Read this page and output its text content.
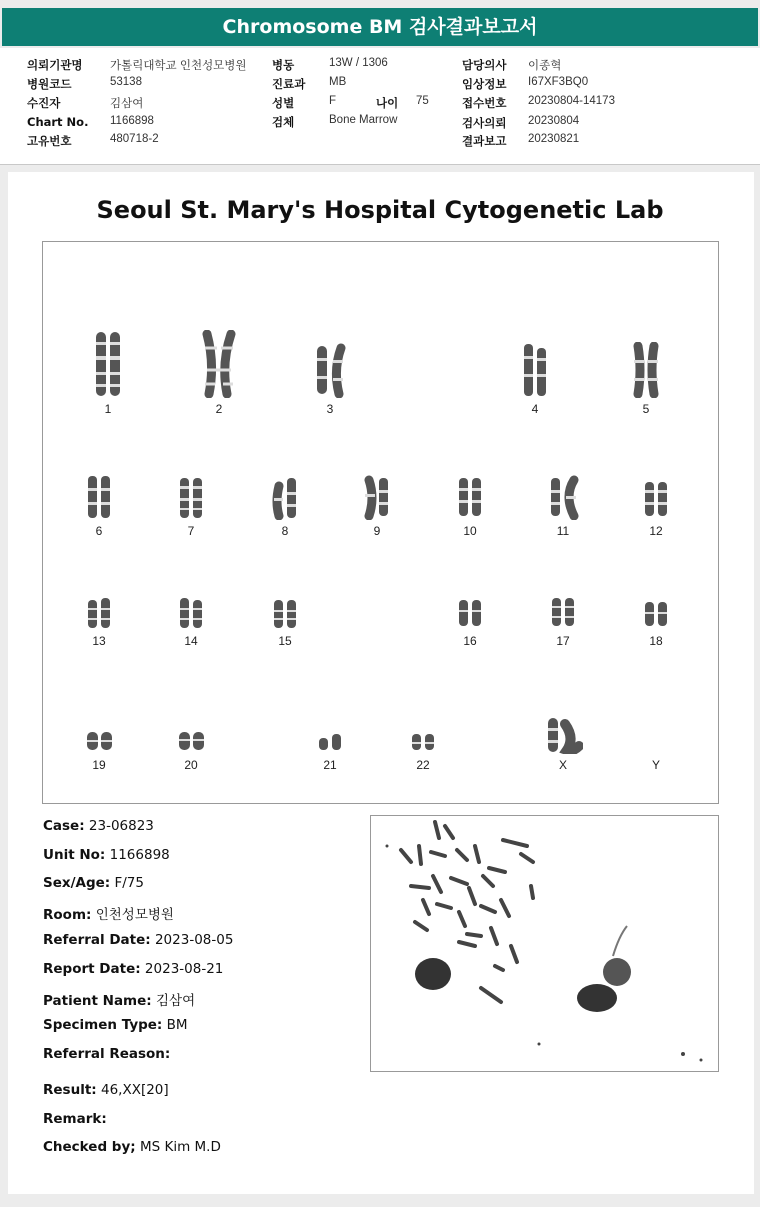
Chromosome BM 검사결과보고서
의뢰기관명 가톨릭대학교 인천성모병원
병원코드	53138
수진자	김삼여
Chart No. 1166898
고유번호	480718-2
병동	13W / 1306
진료과 MB
성별	F	나이 75
검체	Bone Marrow
담당의사 이종혁
임상정보 I67XF3BQ0
접수번호 20230804-14173
검사의뢰 20230804
결과보고 20230821
Seoul St. Mary's Hospital Cytogenetic Lab
1	2	3	4	5
6	7	8	9	10	11	12
13	14	15	16	17	18
19	20	21	22	X	Y
Case: 23-06823
Unit No: 1166898
Sex/Age: F/75
Room: 인천성모병원
Referral Date: 2023-08-05
Report Date: 2023-08-21
Patient Name: 김삼여
Specimen Type: BM
Referral Reason:
Result: 46,XX[20]
Remark:
Checked by; MS Kim M.D
